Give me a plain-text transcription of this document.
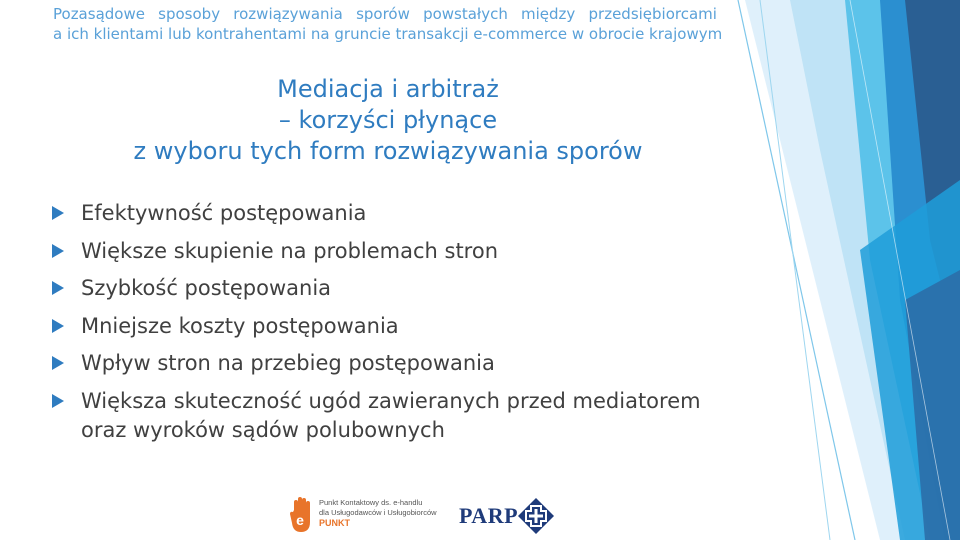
Pozasądowe sposoby rozwiązywania sporów powstałych między przedsiębiorcami
a ich klientami lub kontrahentami na gruncie transakcji e-commerce w obrocie krajowym
Mediacja i arbitraż
– korzyści płynące
z wyboru tych form rozwiązywania sporów
Efektywność postępowania
Większe skupienie na problemach stron
Szybkość postępowania
Mniejsze koszty postępowania
Wpływ stron na przebieg postępowania
Większa skuteczność ugód zawieranych przed mediatorem
oraz wyroków sądów polubownych
e
Punkt Kontaktowy ds. e-handlu
dla Usługodawców i Usługobiorców
PUNKT	PARP
